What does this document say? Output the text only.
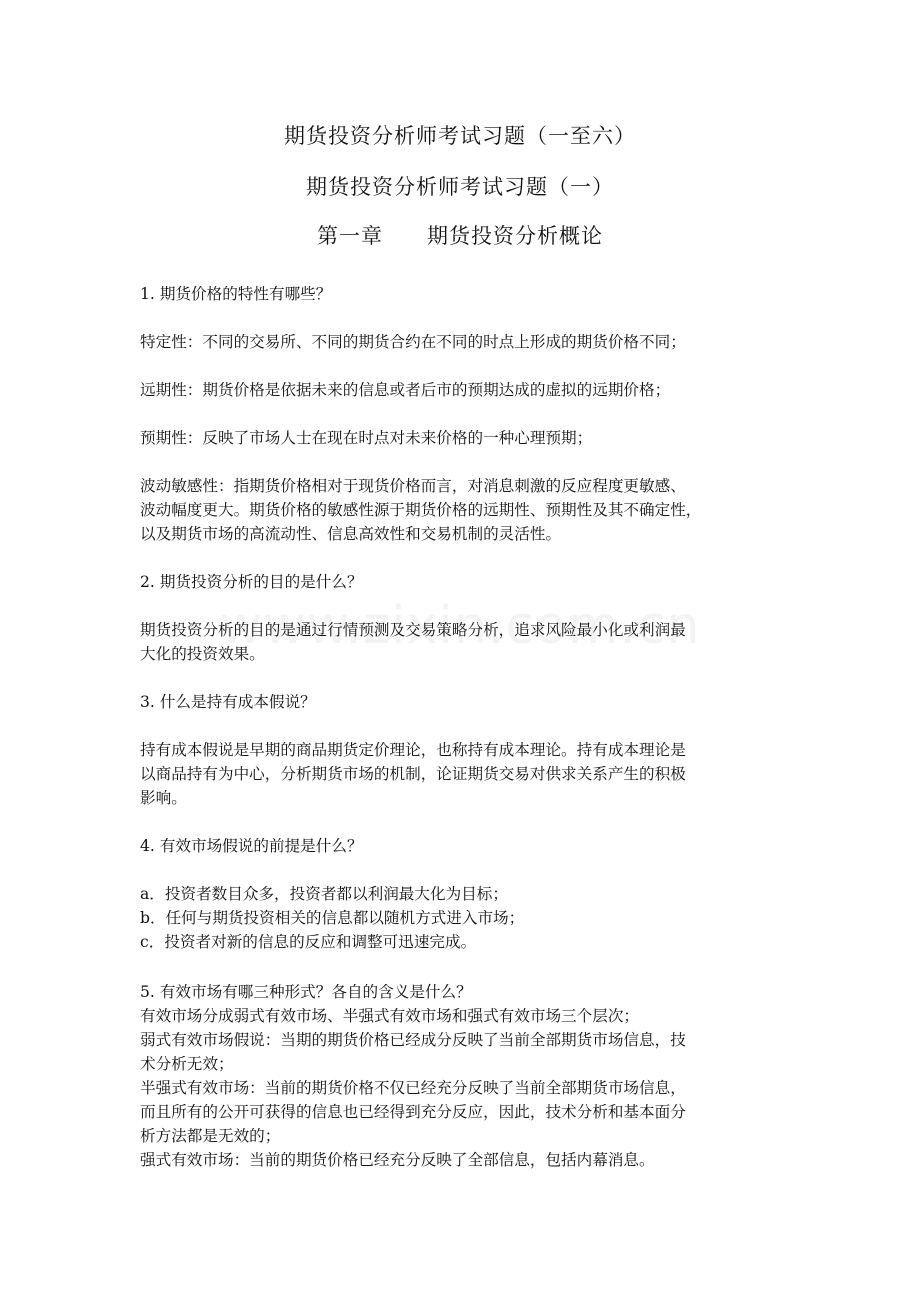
期货投资分析师考试习题（一至六）
期货投资分析师考试习题（一）
第一章 期货投资分析概论
1. 期货价格的特性有哪些？
特定性：不同的交易所、不同的期货合约在不同的时点上形成的期货价格不同；
远期性：期货价格是依据未来的信息或者后市的预期达成的虚拟的远期价格；
预期性：反映了市场人士在现在时点对未来价格的一种心理预期；
波动敏感性：指期货价格相对于现货价格而言，对消息刺激的反应程度更敏感、
波动幅度更大。期货价格的敏感性源于期货价格的远期性、预期性及其不确定性，
以及期货市场的高流动性、信息高效性和交易机制的灵活性。
2. 期货投资分析的目的是什么？
期货投资分析的目的是通过行情预测及交易策略分析，追求风险最小化或利润最
大化的投资效果。
3. 什么是持有成本假说？
持有成本假说是早期的商品期货定价理论，也称持有成本理论。持有成本理论是
以商品持有为中心，分析期货市场的机制，论证期货交易对供求关系产生的积极
影响。
4. 有效市场假说的前提是什么？
a．投资者数目众多，投资者都以利润最大化为目标；
b．任何与期货投资相关的信息都以随机方式进入市场；
c．投资者对新的信息的反应和调整可迅速完成。
5. 有效市场有哪三种形式？各自的含义是什么？
有效市场分成弱式有效市场、半强式有效市场和强式有效市场三个层次；
弱式有效市场假说：当期的期货价格已经成分反映了当前全部期货市场信息，技
术分析无效；
半强式有效市场：当前的期货价格不仅已经充分反映了当前全部期货市场信息，
而且所有的公开可获得的信息也已经得到充分反应，因此，技术分析和基本面分
析方法都是无效的；
强式有效市场：当前的期货价格已经充分反映了全部信息，包括内幕消息。
